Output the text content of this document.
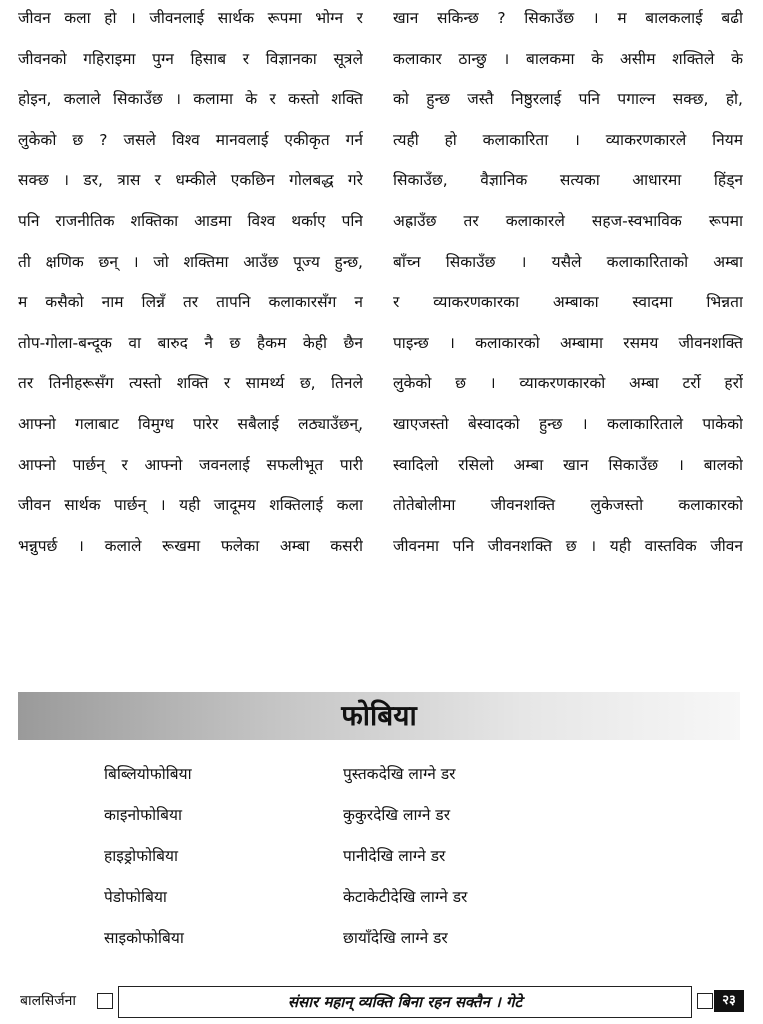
जीवन कला हो । जीवनलाई सार्थक रूपमा भोग्न र
जीवनको गहिराइमा पुग्न हिसाब र विज्ञानका सूत्रले
होइन, कलाले सिकाउँछ । कलामा के र कस्तो शक्ति
लुकेको छ ? जसले विश्व मानवलाई एकीकृत गर्न
सक्छ । डर, त्रास र धम्कीले एकछिन गोलबद्ध गरे
पनि राजनीतिक शक्तिका आडमा विश्व थर्काए पनि
ती क्षणिक छन् । जो शक्तिमा आउँछ पूज्य हुन्छ,
म कसैको नाम लिन्नँ तर तापनि कलाकारसँग न
तोप-गोला-बन्दूक वा बारुद नै छ हैकम केही छैन
तर तिनीहरूसँग त्यस्तो शक्ति र सामर्थ्य छ, तिनले
आफ्नो गलाबाट विमुग्ध पारेर सबैलाई लठ्याउँछन्,
आफ्नो पार्छन् र आफ्नो जवनलाई सफलीभूत पारी
जीवन सार्थक पार्छन् । यही जादूमय शक्तिलाई कला
भन्नुपर्छ । कलाले रूखमा फलेका अम्बा कसरी
खान सकिन्छ ? सिकाउँछ । म बालकलाई बढी
कलाकार ठान्छु । बालकमा के असीम शक्तिले के
को हुन्छ जस्तै निष्ठुरलाई पनि पगाल्न सक्छ, हो,
त्यही हो कलाकारिता । व्याकरणकारले नियम
सिकाउँछ, वैज्ञानिक सत्यका आधारमा हिंड्न
अह्राउँछ तर कलाकारले सहज-स्वभाविक रूपमा
बाँच्न सिकाउँछ । यसैले कलाकारिताको अम्बा
र व्याकरणकारका अम्बाका स्वादमा भिन्नता
पाइन्छ । कलाकारको अम्बामा रसमय जीवनशक्ति
लुकेको छ । व्याकरणकारको अम्बा टर्रो हर्रो
खाएजस्तो बेस्वादको हुन्छ । कलाकारिताले पाकेको
स्वादिलो रसिलो अम्बा खान सिकाउँछ । बालको
तोतेबोलीमा जीवनशक्ति लुकेजस्तो कलाकारको
जीवनमा पनि जीवनशक्ति छ । यही वास्तविक जीवन
फोबिया
बिब्लियोफोबिया	पुस्तकदेखि लाग्ने डर
काइनोफोबिया	कुकुरदेखि लाग्ने डर
हाइड्रोफोबिया	पानीदेखि लाग्ने डर
पेडोफोबिया	केटाकेटीदेखि लाग्ने डर
साइकोफोबिया	छायाँदेखि लाग्ने डर
बालसिर्जना	संसार महान् व्यक्ति बिना रहन सक्तैन । गेटे	२३
